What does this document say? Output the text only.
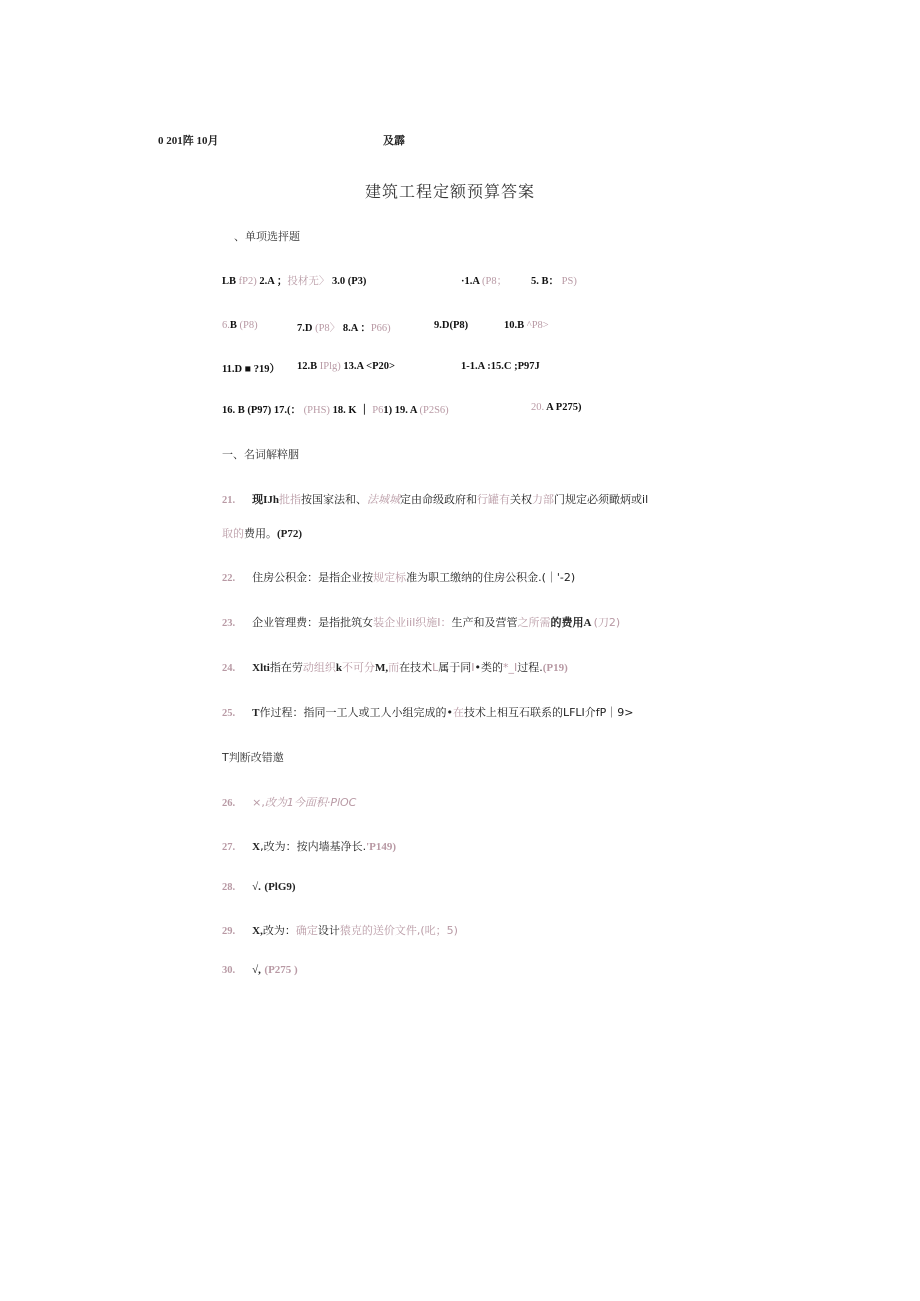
0 201阵 10月	及霹
建筑工程定额预算答案
、单项选抨题
LB fP2) 2.A ；投材无〉 3.0 (P3)	·1.A (P8； 5. B： PS)
6.B (P8)	7.D (P8〉 8.A ：P66)	9.D(P8)	10.B ^P8>
11.D ■ ?19） 12.B IPlg) 13.A <P20>	1-1.A :15.C ;P97J
16. B (P97) 17.(： (PHS) 18. K ｜ P61) 19. A (P2S6)	20. A P275)
一、名词解粹胭
21. 现IJh批指按国家法和、法城城定由命级政府和行罐有关权力部门规定必须瞰炳或il
取的费用。(P72)
22. 住房公积金：是指企业按规定标准为职工缴纳的住房公积金.(｜'-2)
23. 企业管理费：是指批筑女装企业iil织施I：生产和及营管之所需的费用A (刀2)
24. Xlti指在劳动组织k不可分M,而在技术L属于同I•类的*_I过程.(P19)
25. T作过程：指同一工人或工人小组完成的•在技术上相互石联系的LFLI介fP｜9>
T判断改错邀
26. ×,改为1今面积·PlOC
27. X,改为：按内墙基净长.'P149)
28. √. (PlG9)
29. X,改为：确定设计猿克的送价文件,(叱；5)
30. √, (P275 )
